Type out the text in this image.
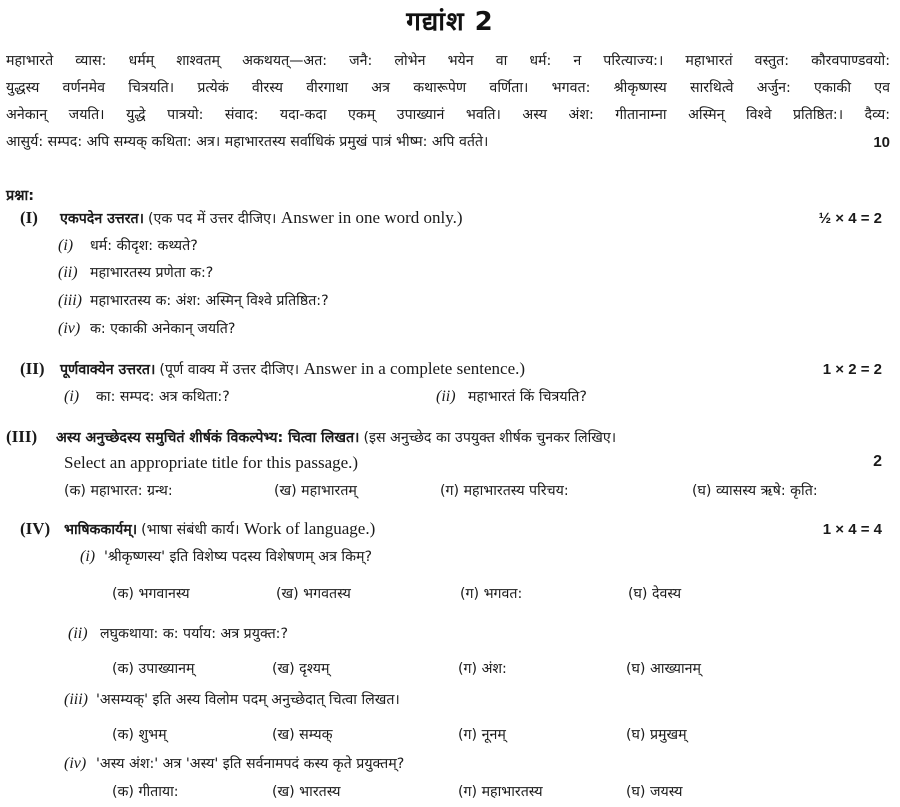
गद्यांश 2
महाभारते व्यास: धर्मम् शाश्वतम् अकथयत्—अत: जनै: लोभेन भयेन वा धर्म: न परित्याज्य:। महाभारतं वस्तुत: कौरवपाण्डवयो:
युद्धस्य वर्णनमेव चित्रयति। प्रत्येकं वीरस्य वीरगाथा अत्र कथारूपेण वर्णिता। भगवत: श्रीकृष्णस्य सारथित्वे अर्जुन: एकाकी एव
अनेकान् जयति। युद्धे पात्रयो: संवाद: यदा-कदा एकम् उपाख्यानं भवति। अस्य अंश: गीतानाम्ना अस्मिन् विश्वे प्रतिष्ठित:। दैव्य:
आसुर्य: सम्पद: अपि सम्यक् कथिता: अत्र। महाभारतस्य सर्वाधिकं प्रमुखं पात्रं भीष्म: अपि वर्तते।	10
प्रश्ना:
(I)	एकपदेन उत्तरत। (एक पद में उत्तर दीजिए। Answer in one word only.)	½ × 4 = 2
(i)	धर्म: कीदृश: कथ्यते?
(ii) महाभारतस्य प्रणेता क:?
(iii) महाभारतस्य क: अंश: अस्मिन् विश्वे प्रतिष्ठित:?
(iv) क: एकाकी अनेकान् जयति?
(II)	पूर्णवाक्येन उत्तरत। (पूर्ण वाक्य में उत्तर दीजिए। Answer in a complete sentence.)	1 × 2 = 2
(i)	का: सम्पद: अत्र कथिता:?	(ii) महाभारतं किं चित्रयति?
(III)	अस्य अनुच्छेदस्य समुचितं शीर्षकं विकल्पेभ्य: चित्वा लिखत। (इस अनुच्छेद का उपयुक्त शीर्षक चुनकर लिखिए।
Select an appropriate title for this passage.)	2
(क) महाभारत: ग्रन्थ:	(ख) महाभारतम्	(ग) महाभारतस्य परिचय:	(घ) व्यासस्य ऋषे: कृति:
(IV) भाषिककार्यम्। (भाषा संबंधी कार्य। Work of language.)	1 × 4 = 4
(i) 'श्रीकृष्णस्य' इति विशेष्य पदस्य विशेषणम् अत्र किम्?
(क) भगवानस्य	(ख) भगवतस्य	(ग) भगवत:	(घ) देवस्य
(ii) लघुकथाया: क: पर्याय: अत्र प्रयुक्त:?
(क) उपाख्यानम्	(ख) दृश्यम्	(ग) अंश:	(घ) आख्यानम्
(iii) 'असम्यक्' इति अस्य विलोम पदम् अनुच्छेदात् चित्वा लिखत।
(क) शुभम्	(ख) सम्यक्	(ग) नूनम्	(घ) प्रमुखम्
(iv) 'अस्य अंश:' अत्र 'अस्य' इति सर्वनामपदं कस्य कृते प्रयुक्तम्?
(क) गीताया:	(ख) भारतस्य	(ग) महाभारतस्य	(घ) जयस्य
